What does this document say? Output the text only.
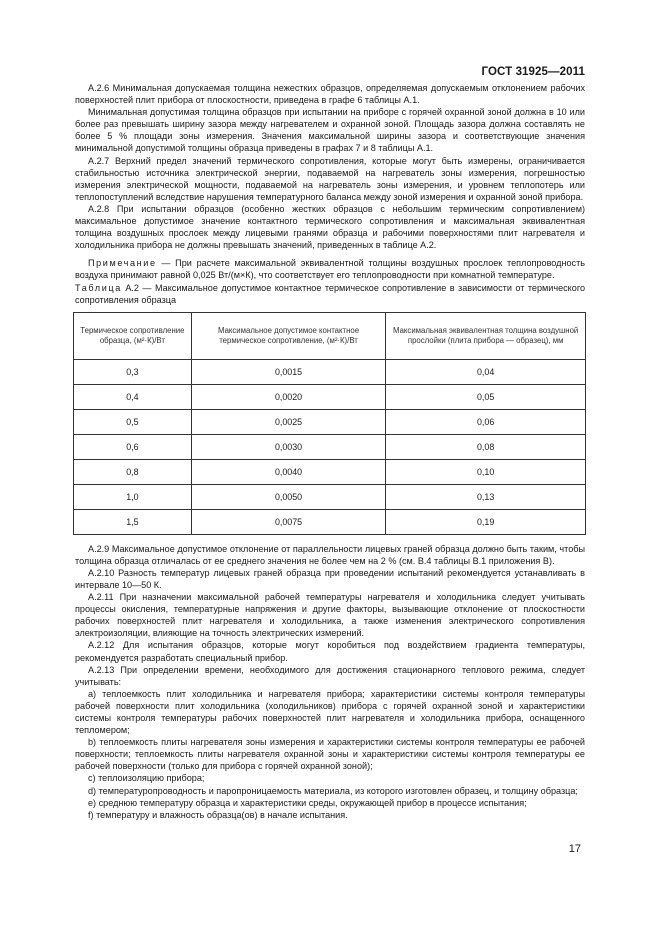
ГОСТ 31925—2011

А.2.6 Минимальная допускаемая толщина нежестких образцов, определяемая допускаемым отклонением рабочих поверхностей плит прибора от плоскостности, приведена в графе 6 таблицы А.1.

Минимальная допустимая толщина образцов при испытании на приборе с горячей охранной зоной должна в 10 или более раз превышать ширину зазора между нагревателем и охранной зоной. Площадь зазора должна составлять не более 5 % площади зоны измерения. Значения максимальной ширины зазора и соответствующие значения минимальной допустимой толщины образца приведены в графах 7 и 8 таблицы А.1.

А.2.7 Верхний предел значений термического сопротивления, которые могут быть измерены, ограничивается стабильностью источника электрической энергии, подаваемой на нагреватель зоны измерения, погрешностью измерения электрической мощности, подаваемой на нагреватель зоны измерения, и уровнем теплопотерь или теплопоступлений вследствие нарушения температурного баланса между зоной измерения и охранной зоной прибора.

А.2.8 При испытании образцов (особенно жестких образцов с небольшим термическим сопротивлением) максимальное допустимое значение контактного термического сопротивления и максимальная эквивалентная толщина воздушных прослоек между лицевыми гранями образца и рабочими поверхностями плит нагревателя и холодильника прибора не должны превышать значений, приведенных в таблице А.2.

Примечание — При расчете максимальной эквивалентной толщины воздушных прослоек теплопроводность воздуха принимают равной 0,025 Вт/(м×К), что соответствует его теплопроводности при комнатной температуре.

Таблица А.2 — Максимальное допустимое контактное термическое сопротивление в зависимости от термического сопротивления образца

Термическое сопротивление образца, (м²·К)/Вт	Максимальное допустимое контактное термическое сопротивление, (м²·К)/Вт	Максимальная эквивалентная толщина воздушной прослойки (плита прибора — образец), мм
0,3	0,0015	0,04
0,4	0,0020	0,05
0,5	0,0025	0,06
0,6	0,0030	0,08
0,8	0,0040	0,10
1,0	0,0050	0,13
1,5	0,0075	0,19

А.2.9 Максимальное допустимое отклонение от параллельности лицевых граней образца должно быть таким, чтобы толщина образца отличалась от ее среднего значения не более чем на 2 % (см. В.4 таблицы В.1 приложения В).

А.2.10 Разность температур лицевых граней образца при проведении испытаний рекомендуется устанавливать в интервале 10—50 К.

А.2.11 При назначении максимальной рабочей температуры нагревателя и холодильника следует учитывать процессы окисления, температурные напряжения и другие факторы, вызывающие отклонение от плоскостности рабочих поверхностей плит нагревателя и холодильника, а также изменения электрического сопротивления электроизоляции, влияющие на точность электрических измерений.

А.2.12 Для испытания образцов, которые могут коробиться под воздействием градиента температуры, рекомендуется разработать специальный прибор.

А.2.13 При определении времени, необходимого для достижения стационарного теплового режима, следует учитывать:

a) теплоемкость плит холодильника и нагревателя прибора; характеристики системы контроля температуры рабочей поверхности плит холодильника (холодильников) прибора с горячей охранной зоной и характеристики системы контроля температуры рабочих поверхностей плит нагревателя и холодильника прибора, оснащенного тепломером;

b) теплоемкость плиты нагревателя зоны измерения и характеристики системы контроля температуры ее рабочей поверхности; теплоемкость плиты нагревателя охранной зоны и характеристики системы контроля температуры ее рабочей поверхности (только для прибора с горячей охранной зоной);

c) теплоизоляцию прибора;

d) температуропроводность и паропроницаемость материала, из которого изготовлен образец, и толщину образца;

e) среднюю температуру образца и характеристики среды, окружающей прибор в процессе испытания;

f) температуру и влажность образца(ов) в начале испытания.

17
